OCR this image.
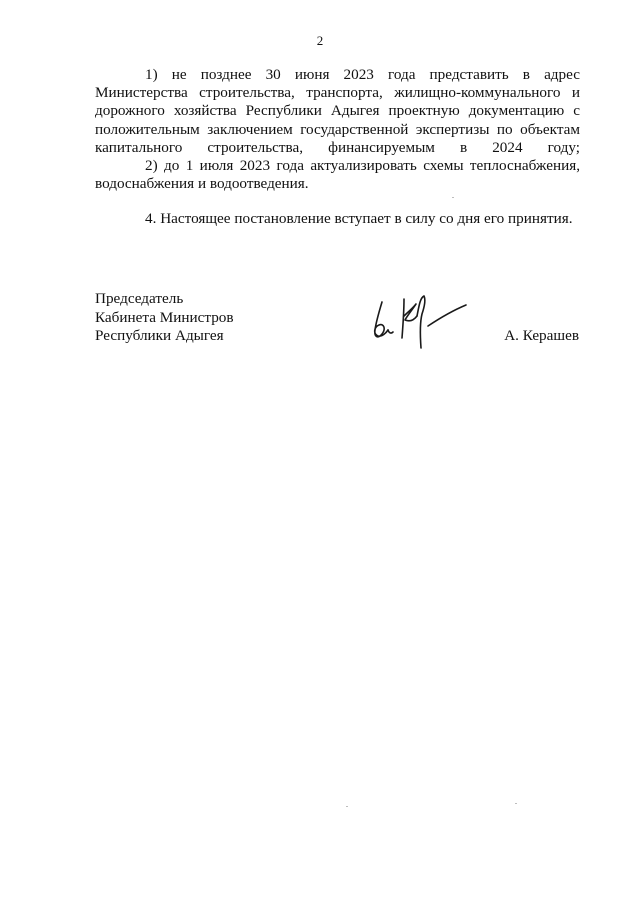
2

1) не позднее 30 июня 2023 года представить в адрес Министерства строительства, транспорта, жилищно-коммунального и дорожного хозяйства Республики Адыгея проектную документацию с положительным заключением государственной экспертизы по объектам капитального строительства, финансируемым в 2024 году;

2) до 1 июля 2023 года актуализировать схемы теплоснабжения, водоснабжения и водоотведения.

4. Настоящее постановление вступает в силу со дня его принятия.

Председатель
Кабинета Министров
Республики Адыгея	А. Керашев
